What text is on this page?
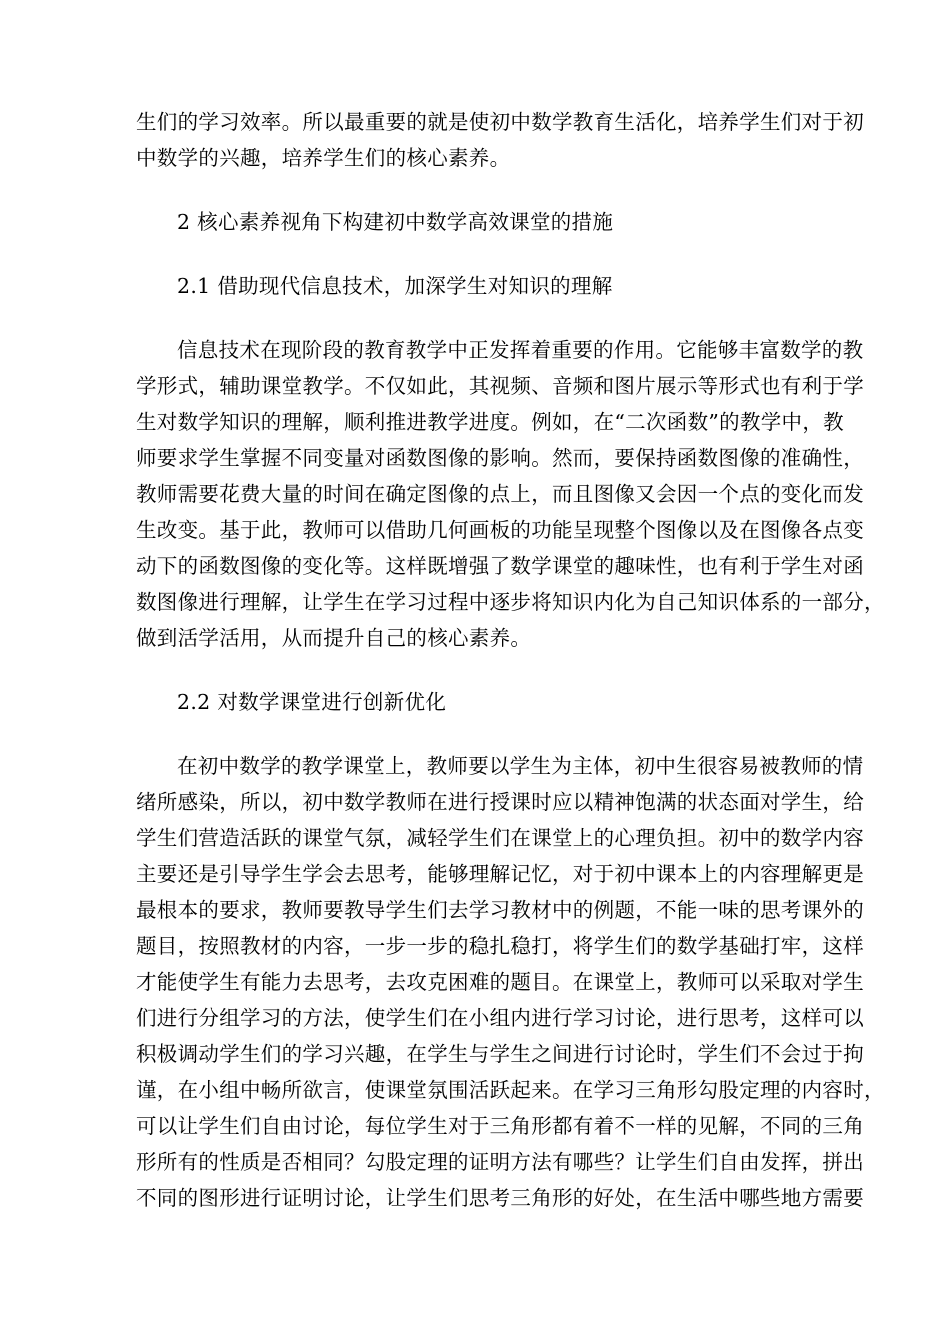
生们的学习效率。所以最重要的就是使初中数学教育生活化，培养学生们对于初
中数学的兴趣，培养学生们的核心素养。
2 核心素养视角下构建初中数学高效课堂的措施
2.1 借助现代信息技术，加深学生对知识的理解
信息技术在现阶段的教育教学中正发挥着重要的作用。它能够丰富数学的教
学形式，辅助课堂教学。不仅如此，其视频、音频和图片展示等形式也有利于学
生对数学知识的理解，顺利推进教学进度。例如，在“二次函数”的教学中，教
师要求学生掌握不同变量对函数图像的影响。然而，要保持函数图像的准确性，
教师需要花费大量的时间在确定图像的点上，而且图像又会因一个点的变化而发
生改变。基于此，教师可以借助几何画板的功能呈现整个图像以及在图像各点变
动下的函数图像的变化等。这样既增强了数学课堂的趣味性，也有利于学生对函
数图像进行理解，让学生在学习过程中逐步将知识内化为自己知识体系的一部分，
做到活学活用，从而提升自己的核心素养。
2.2 对数学课堂进行创新优化
在初中数学的教学课堂上，教师要以学生为主体，初中生很容易被教师的情
绪所感染，所以，初中数学教师在进行授课时应以精神饱满的状态面对学生，给
学生们营造活跃的课堂气氛，减轻学生们在课堂上的心理负担。初中的数学内容
主要还是引导学生学会去思考，能够理解记忆，对于初中课本上的内容理解更是
最根本的要求，教师要教导学生们去学习教材中的例题，不能一味的思考课外的
题目，按照教材的内容，一步一步的稳扎稳打，将学生们的数学基础打牢，这样
才能使学生有能力去思考，去攻克困难的题目。在课堂上，教师可以采取对学生
们进行分组学习的方法，使学生们在小组内进行学习讨论，进行思考，这样可以
积极调动学生们的学习兴趣，在学生与学生之间进行讨论时，学生们不会过于拘
谨，在小组中畅所欲言，使课堂氛围活跃起来。在学习三角形勾股定理的内容时，
可以让学生们自由讨论，每位学生对于三角形都有着不一样的见解，不同的三角
形所有的性质是否相同？勾股定理的证明方法有哪些？让学生们自由发挥，拼出
不同的图形进行证明讨论，让学生们思考三角形的好处，在生活中哪些地方需要
